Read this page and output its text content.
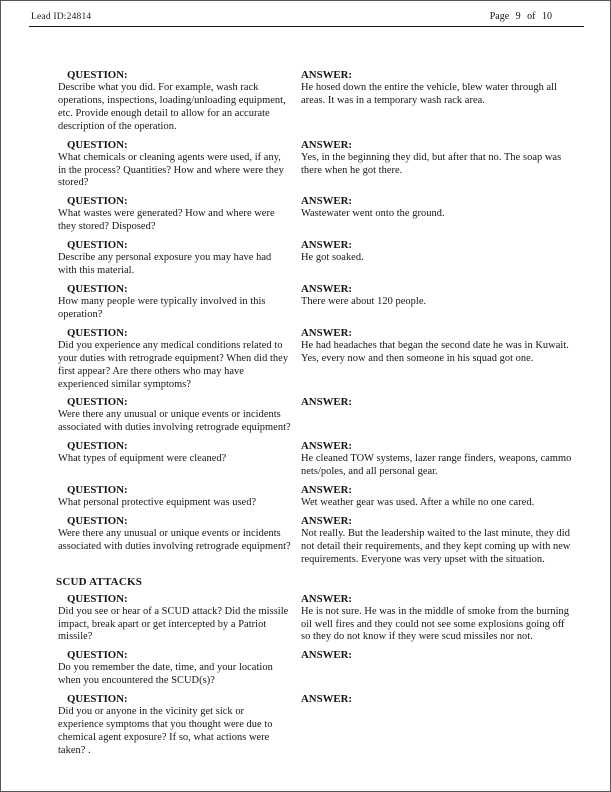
Lead ID:24814	Page 9 of 10
QUESTION:
Describe what you did. For example, wash rack operations, inspections, loading/unloading equipment, etc. Provide enough detail to allow for an accurate description of the operation.
ANSWER:
He hosed down the entire the vehicle, blew water through all areas. It was in a temporary wash rack area.
QUESTION:
What chemicals or cleaning agents were used, if any, in the process? Quantities? How and where were they stored?
ANSWER:
Yes, in the beginning they did, but after that no. The soap was there when he got there.
QUESTION:
What wastes were generated? How and where were they stored? Disposed?
ANSWER:
Wastewater went onto the ground.
QUESTION:
Describe any personal exposure you may have had with this material.
ANSWER:
He got soaked.
QUESTION:
How many people were typically involved in this operation?
ANSWER:
There were about 120 people.
QUESTION:
Did you experience any medical conditions related to your duties with retrograde equipment? When did they first appear? Are there others who may have experienced similar symptoms?
ANSWER:
He had headaches that began the second date he was in Kuwait. Yes, every now and then someone in his squad got one.
QUESTION:
Were there any unusual or unique events or incidents associated with duties involving retrograde equipment?
ANSWER:
QUESTION:
What types of equipment were cleaned?
ANSWER:
He cleaned TOW systems, lazer range finders, weapons, cammo nets/poles, and all personal gear.
QUESTION:
What personal protective equipment was used?
ANSWER:
Wet weather gear was used. After a while no one cared.
QUESTION:
Were there any unusual or unique events or incidents associated with duties involving retrograde equipment?
ANSWER:
Not really. But the leadership waited to the last minute, they did not detail their requirements, and they kept coming up with new requirements. Everyone was very upset with the situation.
SCUD ATTACKS
QUESTION:
Did you see or hear of a SCUD attack? Did the missile impact, break apart or get intercepted by a Patriot missile?
ANSWER:
He is not sure. He was in the middle of smoke from the burning oil well fires and they could not see some explosions going off so they do not know if they were scud missiles nor not.
QUESTION:
Do you remember the date, time, and your location when you encountered the SCUD(s)?
ANSWER:
QUESTION:
Did you or anyone in the vicinity get sick or experience symptoms that you thought were due to chemical agent exposure? If so, what actions were taken? .
ANSWER:
